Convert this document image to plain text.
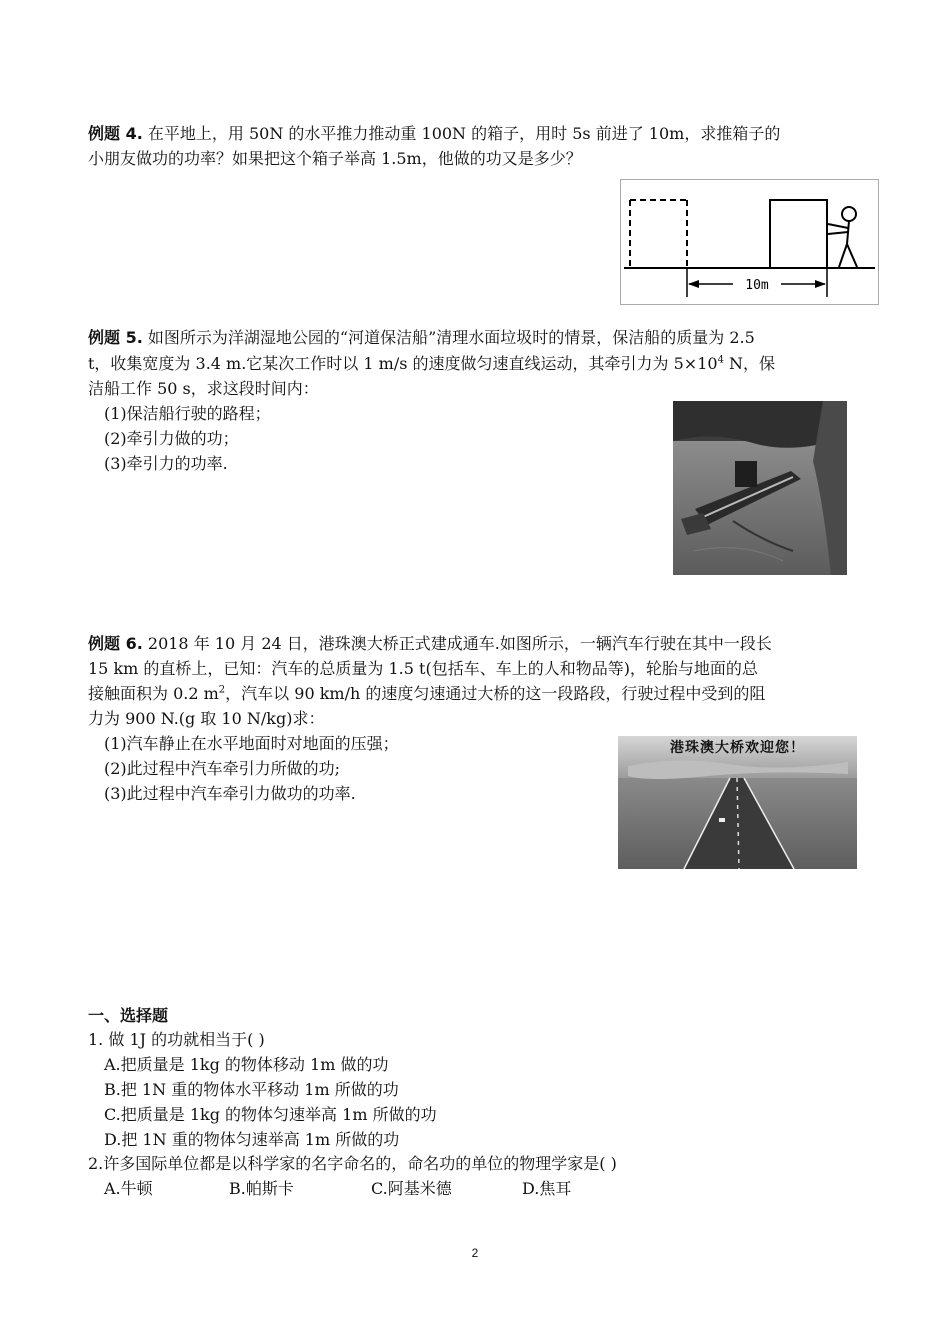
例题 4. 在平地上，用 50N 的水平推力推动重 100N 的箱子，用时 5s 前进了 10m，求推箱子的
小朋友做功的功率？如果把这个箱子举高 1.5m，他做的功又是多少？
10m
例题 5. 如图所示为洋湖湿地公园的“河道保洁船”清理水面垃圾时的情景，保洁船的质量为 2.5
t，收集宽度为 3.4 m.它某次工作时以 1 m/s 的速度做匀速直线运动，其牵引力为 $5\times 10^4$ N，保
洁船工作 50 s，求这段时间内：
(1)保洁船行驶的路程；
(2)牵引力做的功；
(3)牵引力的功率.
例题 6. 2018 年 10 月 24 日，港珠澳大桥正式建成通车.如图所示，一辆汽车行驶在其中一段长
15 km 的直桥上，已知：汽车的总质量为 1.5 t(包括车、车上的人和物品等)，轮胎与地面的总
接触面积为 0.2 $m^2$，汽车以 90 km/h 的速度匀速通过大桥的这一段路段，行驶过程中受到的阻
力为 900 N.(g 取 10 N/kg)求：
(1)汽车静止在水平地面时对地面的压强；
(2)此过程中汽车牵引力所做的功;
(3)此过程中汽车牵引力做功的功率.
港珠澳大桥欢迎您！
一、选择题
1. 做 1J 的功就相当于( )
A.把质量是 1kg 的物体移动 1m 做的功
B.把 1N 重的物体水平移动 1m 所做的功
C.把质量是 1kg 的物体匀速举高 1m 所做的功
D.把 1N 重的物体匀速举高 1m 所做的功
2.许多国际单位都是以科学家的名字命名的，命名功的单位的物理学家是( )
A.牛顿	B.帕斯卡	C.阿基米德	D.焦耳
2
